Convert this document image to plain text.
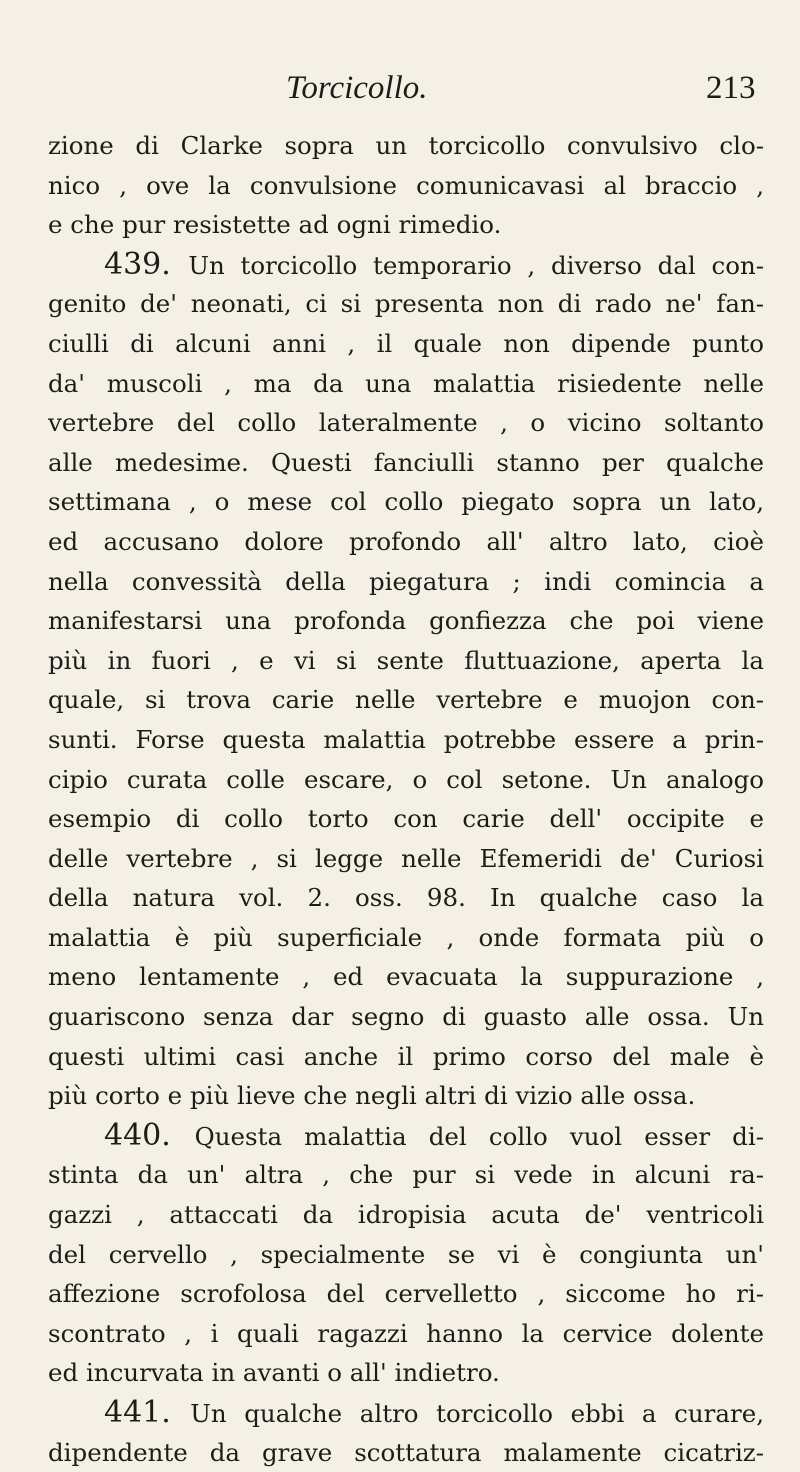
Torcicollo.	213
zione di Clarke sopra un torcicollo convulsivo clo-
nico , ove la convulsione comunicavasi al braccio ,
e che pur resistette ad ogni rimedio.
439. Un torcicollo temporario , diverso dal con-
genito de' neonati, ci si presenta non di rado ne' fan-
ciulli di alcuni anni , il quale non dipende punto
da' muscoli , ma da una malattia risiedente nelle
vertebre del collo lateralmente , o vicino soltanto
alle medesime. Questi fanciulli stanno per qualche
settimana , o mese col collo piegato sopra un lato,
ed accusano dolore profondo all' altro lato, cioè
nella convessità della piegatura ; indi comincia a
manifestarsi una profonda gonfiezza che poi viene
più in fuori , e vi si sente fluttuazione, aperta la
quale, si trova carie nelle vertebre e muojon con-
sunti. Forse questa malattia potrebbe essere a prin-
cipio curata colle escare, o col setone. Un analogo
esempio di collo torto con carie dell' occipite e
delle vertebre , si legge nelle Efemeridi de' Curiosi
della natura vol. 2. oss. 98. In qualche caso la
malattia è più superficiale , onde formata più o
meno lentamente , ed evacuata la suppurazione ,
guariscono senza dar segno di guasto alle ossa. Un
questi ultimi casi anche il primo corso del male è
più corto e più lieve che negli altri di vizio alle ossa.
440. Questa malattia del collo vuol esser di-
stinta da un' altra , che pur si vede in alcuni ra-
gazzi , attaccati da idropisia acuta de' ventricoli
del cervello , specialmente se vi è congiunta un'
affezione scrofolosa del cervelletto , siccome ho ri-
scontrato , i quali ragazzi hanno la cervice dolente
ed incurvata in avanti o all' indietro.
441. Un qualche altro torcicollo ebbi a curare,
dipendente da grave scottatura malamente cicatriz-
